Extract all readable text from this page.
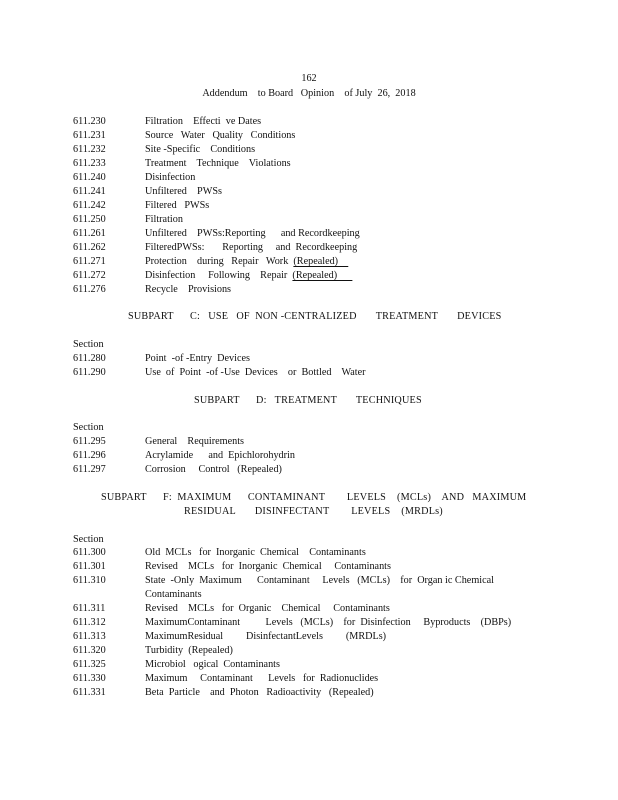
162
Addendum    to Board   Opinion    of July  26,  2018
611.230	Filtration    Effecti  ve Dates
611.231	Source   Water   Quality   Conditions
611.232	Site -Specific    Conditions
611.233	Treatment    Technique    Violations
611.240	Disinfection
611.241	Unfiltered    PWSs
611.242	Filtered   PWSs
611.250	Filtration
611.261	Unfiltered    PWSs:Reporting      and Recordkeeping
611.262	FilteredPWSs:       Reporting     and  Recordkeeping
611.271	Protection    during   Repair   Work  (Repealed)
611.272	Disinfection     Following    Repair  (Repealed)
611.276	Recycle    Provisions
SUBPART      C:   USE   OF  NON -CENTRALIZED       TREATMENT       DEVICES
Section
611.280	Point  -of -Entry  Devices
611.290	Use  of  Point  -of -Use  Devices    or  Bottled    Water
SUBPART      D:   TREATMENT       TECHNIQUES
Section
611.295	General    Requirements
611.296	Acrylamide      and  Epichlorohydrin
611.297	Corrosion     Control   (Repealed)
SUBPART      F:  MAXIMUM      CONTAMINANT        LEVELS    (MCLs)    AND   MAXIMUM
RESIDUAL       DISINFECTANT        LEVELS    (MRDLs)
Section
611.300	Old  MCLs   for  Inorganic  Chemical    Contaminants
611.301	Revised    MCLs   for  Inorganic  Chemical     Contaminants
611.310	State  -Only  Maximum      Contaminant     Levels   (MCLs)    for  Organ ic Chemical
Contaminants
611.311	Revised    MCLs   for  Organic    Chemical     Contaminants
611.312	MaximumContaminant          Levels   (MCLs)    for  Disinfection     Byproducts    (DBPs)
611.313	MaximumResidual         DisinfectantLevels         (MRDLs)
611.320	Turbidity  (Repealed)
611.325	Microbiol   ogical  Contaminants
611.330	Maximum     Contaminant      Levels   for  Radionuclides
611.331	Beta  Particle    and  Photon   Radioactivity   (Repealed)
